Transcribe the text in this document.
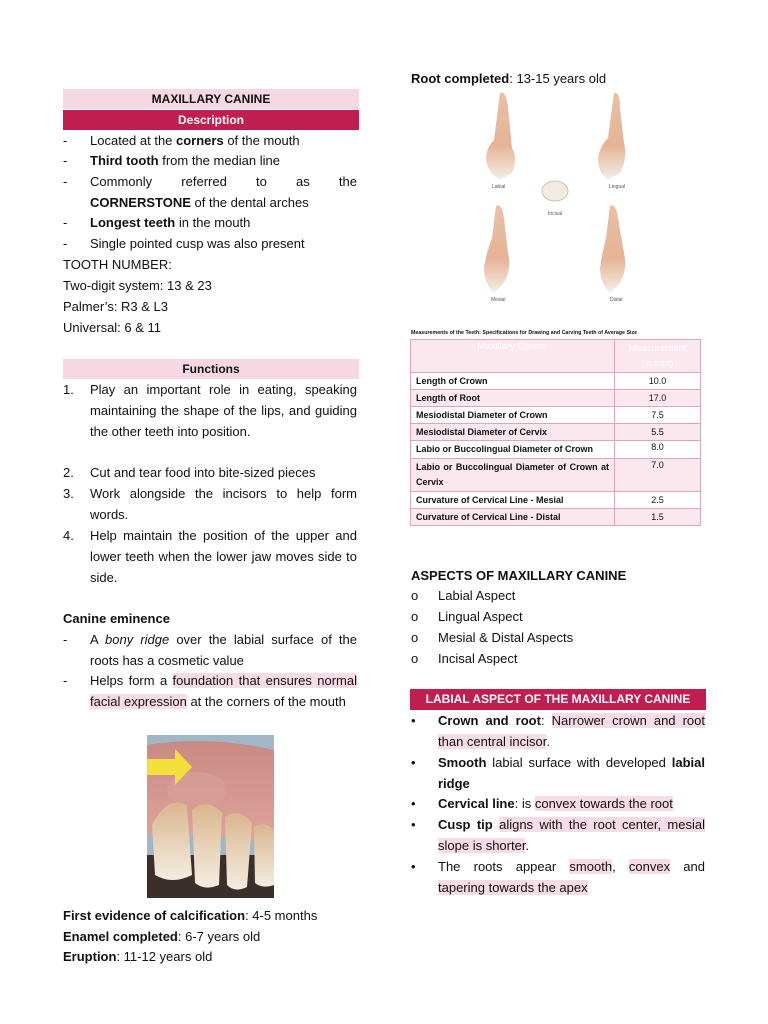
MAXILLARY CANINE
Description
-	Located at the corners of the mouth
-	Third tooth from the median line
-	Commonly referred to as the
CORNERSTONE of the dental arches
-	Longest teeth in the mouth
-	Single pointed cusp was also present
TOOTH NUMBER:
Two-digit system: 13 & 23
Palmer’s: R3 & L3
Universal: 6 & 11
Functions
1.	Play an important role in eating, speaking maintaining the shape of the lips, and guiding the other teeth into position.
2.	Cut and tear food into bite-sized pieces
3.	Work alongside the incisors to help form words.
4.	Help maintain the position of the upper and lower teeth when the lower jaw moves side to side.
Canine eminence
-	A bony ridge over the labial surface of the roots has a cosmetic value
-	Helps form a foundation that ensures normal facial expression at the corners of the mouth
First evidence of calcification: 4-5 months
Enamel completed: 6-7 years old
Eruption: 11-12 years old
Root completed: 13-15 years old
Labial	Lingual
Incisal
Mesial	Distal
Measurements of the Teeth: Specifications for Drawing and Carving Teeth of Average Size
Maxillary Canine	Measurement
(in mm)
Length of Crown	10.0
Length of Root	17.0
Mesiodistal Diameter of Crown	7.5
Mesiodistal Diameter of Cervix	5.5
Labio or Buccolingual Diameter of Crown	8.0
Labio or Buccolingual Diameter of Crown at Cervix	7.0
Curvature of Cervical Line - Mesial	2.5
Curvature of Cervical Line - Distal	1.5
ASPECTS OF MAXILLARY CANINE
o	Labial Aspect
o	Lingual Aspect
o	Mesial & Distal Aspects
o	Incisal Aspect
LABIAL ASPECT OF THE MAXILLARY CANINE
•	Crown and root: Narrower crown and root than central incisor.
•	Smooth labial surface with developed labial ridge
•	Cervical line: is convex towards the root
•	Cusp tip aligns with the root center, mesial slope is shorter.
•	The roots appear smooth, convex and tapering towards the apex
